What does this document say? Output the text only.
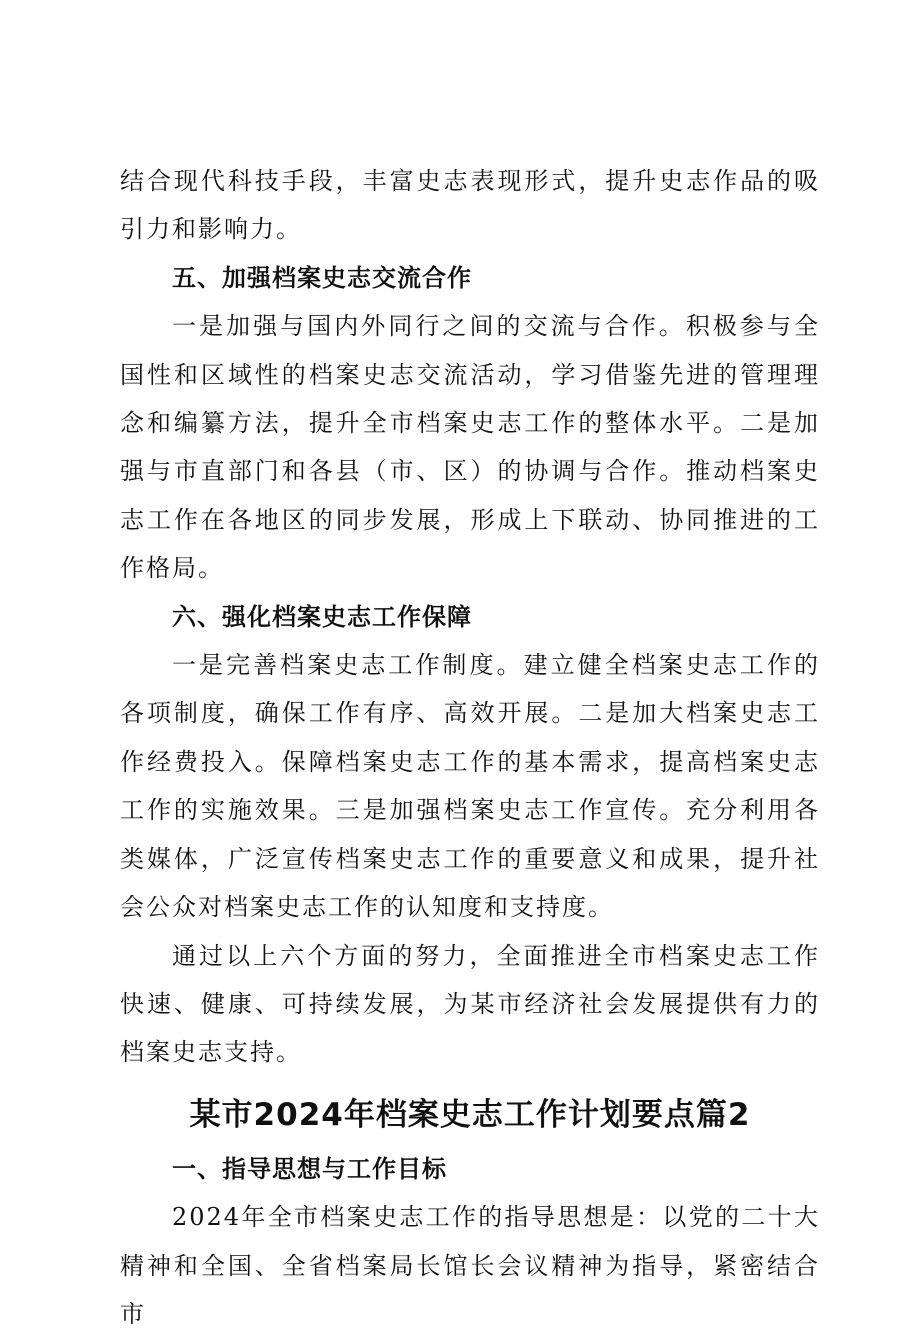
结合现代科技手段，丰富史志表现形式，提升史志作品的吸引力和影响力。

五、加强档案史志交流合作

一是加强与国内外同行之间的交流与合作。积极参与全国性和区域性的档案史志交流活动，学习借鉴先进的管理理念和编纂方法，提升全市档案史志工作的整体水平。二是加强与市直部门和各县（市、区）的协调与合作。推动档案史志工作在各地区的同步发展，形成上下联动、协同推进的工作格局。

六、强化档案史志工作保障

一是完善档案史志工作制度。建立健全档案史志工作的各项制度，确保工作有序、高效开展。二是加大档案史志工作经费投入。保障档案史志工作的基本需求，提高档案史志工作的实施效果。三是加强档案史志工作宣传。充分利用各类媒体，广泛宣传档案史志工作的重要意义和成果，提升社会公众对档案史志工作的认知度和支持度。

通过以上六个方面的努力，全面推进全市档案史志工作快速、健康、可持续发展，为某市经济社会发展提供有力的档案史志支持。

某市2024年档案史志工作计划要点篇2
一、指导思想与工作目标

2024年全市档案史志工作的指导思想是：以党的二十大精神和全国、全省档案局长馆长会议精神为指导，紧密结合市
